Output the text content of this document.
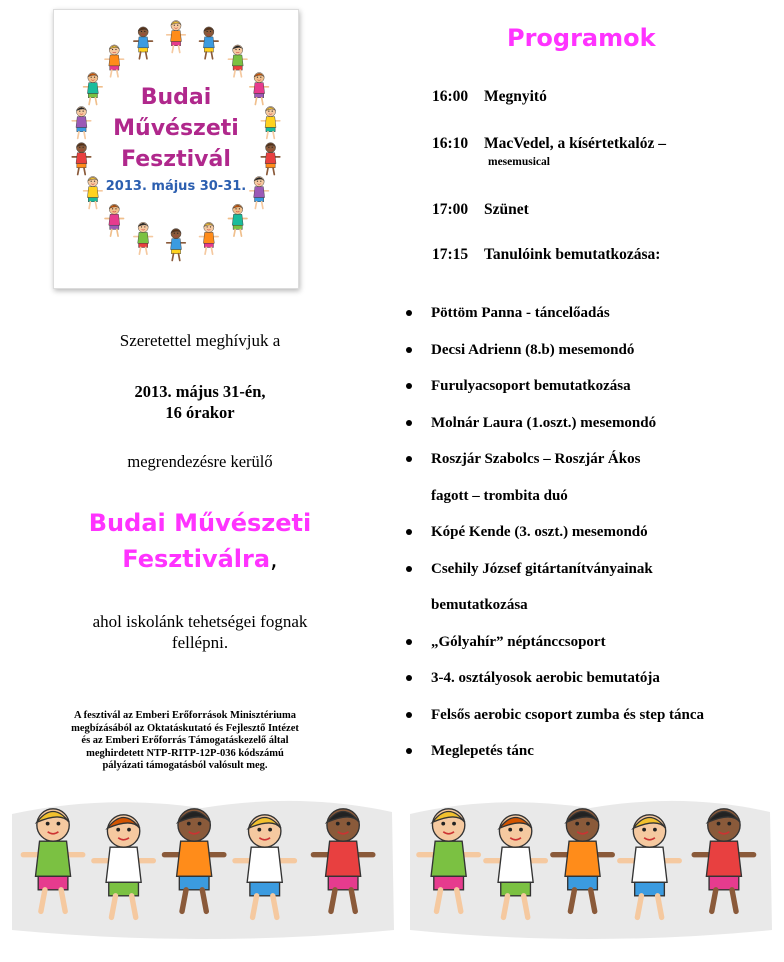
Budai
Művészeti
Fesztivál
2013. május 30-31.
Szeretettel meghívjuk a
2013. május 31-én,
16 órakor
megrendezésre kerülő
Budai Művészeti
Fesztiválra,
ahol iskolánk tehetségei fognak
fellépni.
A fesztivál az Emberi Erőforrások Minisztériuma
megbízásából az Oktatáskutató és Fejlesztő Intézet
és az Emberi Erőforrás Támogatáskezelő által
meghirdetett NTP-RITP-12P-036 kódszámú
pályázati támogatásból valósult meg.
Programok
16:00 Megnyitó
16:10 MacVedel, a kísértetkalóz –
mesemusical
17:00 Szünet
17:15 Tanulóink bemutatkozása:
Pöttöm Panna - táncelőadás
Decsi Adrienn (8.b) mesemondó
Furulyacsoport bemutatkozása
Molnár Laura (1.oszt.) mesemondó
Roszjár Szabolcs – Roszjár Ákos
fagott – trombita duó
Kópé Kende (3. oszt.) mesemondó
Csehily József gitártanítványainak
bemutatkozása
„Gólyahír” néptánccsoport
3-4. osztályosok aerobic bemutatója
Felsős aerobic csoport zumba és step tánca
Meglepetés tánc
